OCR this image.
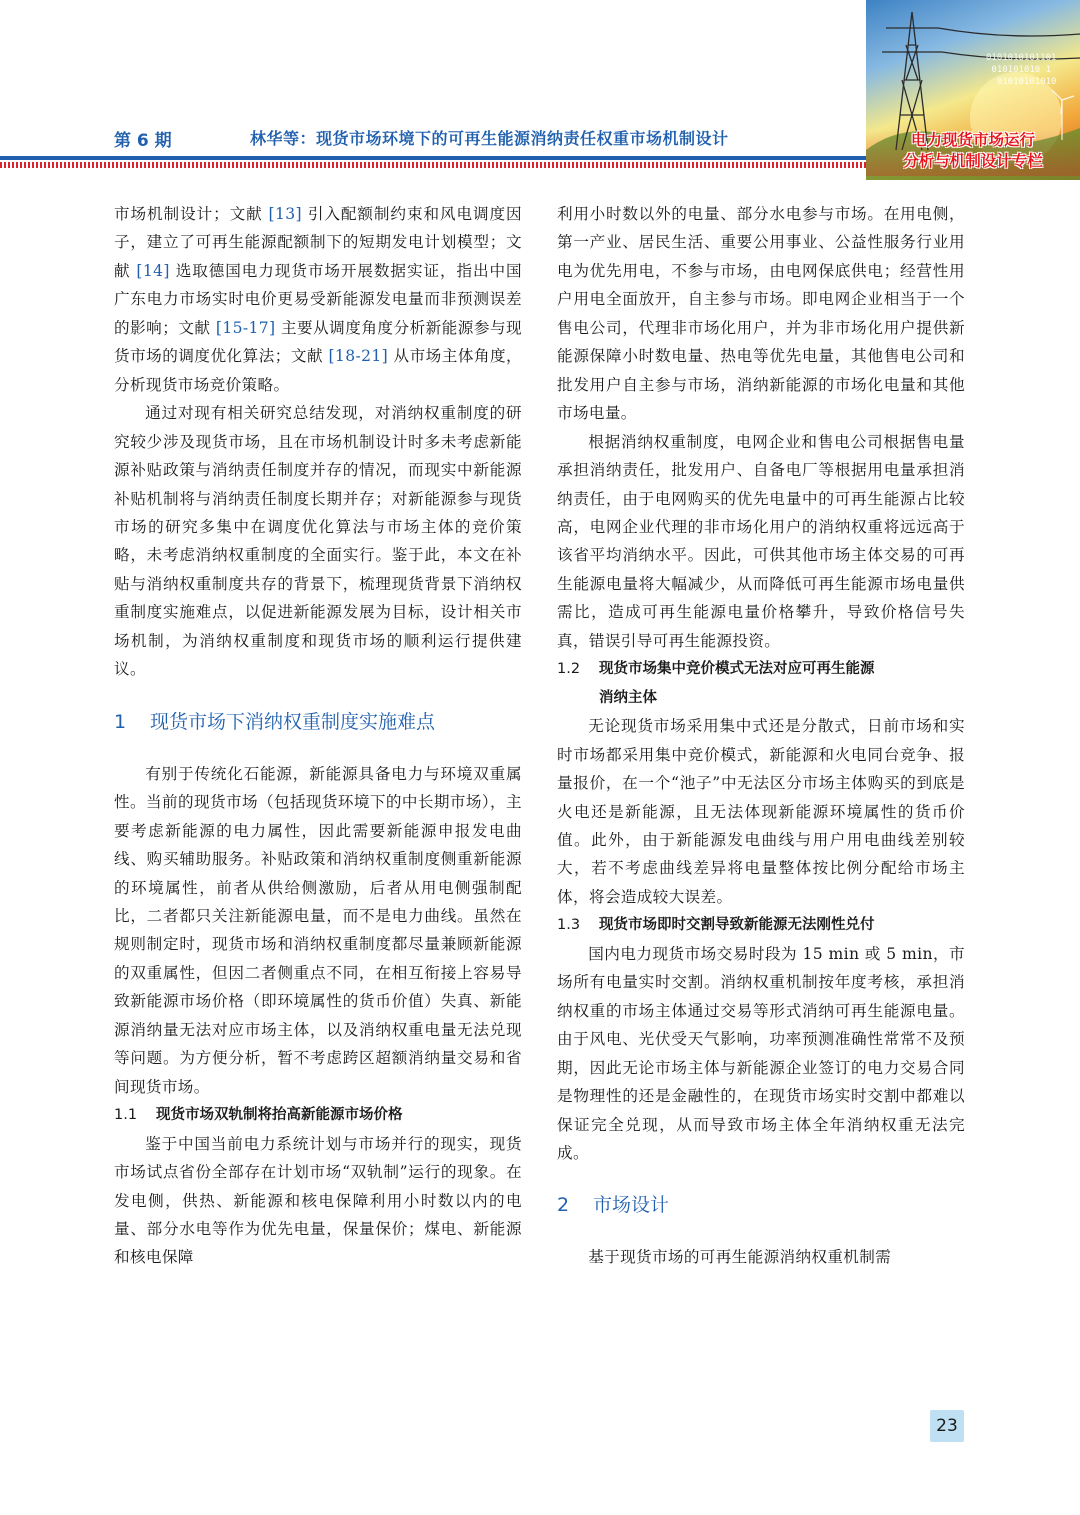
第 6 期	林华等：现货市场环境下的可再生能源消纳责任权重市场机制设计
0101010101101
010101010 1
01010101010
电力现货市场运行
分析与机制设计专栏

市场机制设计；文献 [13] 引入配额制约束和风电调度因子，建立了可再生能源配额制下的短期发电计划模型；文献 [14] 选取德国电力现货市场开展数据实证，指出中国广东电力市场实时电价更易受新能源发电量而非预测误差的影响；文献 [15-17] 主要从调度角度分析新能源参与现货市场的调度优化算法；文献 [18-21] 从市场主体角度，分析现货市场竞价策略。

通过对现有相关研究总结发现，对消纳权重制度的研究较少涉及现货市场，且在市场机制设计时多未考虑新能源补贴政策与消纳责任制度并存的情况，而现实中新能源补贴机制将与消纳责任制度长期并存；对新能源参与现货市场的研究多集中在调度优化算法与市场主体的竞价策略，未考虑消纳权重制度的全面实行。鉴于此，本文在补贴与消纳权重制度共存的背景下，梳理现货背景下消纳权重制度实施难点，以促进新能源发展为目标，设计相关市场机制，为消纳权重制度和现货市场的顺利运行提供建议。

1 现货市场下消纳权重制度实施难点

有别于传统化石能源，新能源具备电力与环境双重属性。当前的现货市场（包括现货环境下的中长期市场），主要考虑新能源的电力属性，因此需要新能源申报发电曲线、购买辅助服务。补贴政策和消纳权重制度侧重新能源的环境属性，前者从供给侧激励，后者从用电侧强制配比，二者都只关注新能源电量，而不是电力曲线。虽然在规则制定时，现货市场和消纳权重制度都尽量兼顾新能源的双重属性，但因二者侧重点不同，在相互衔接上容易导致新能源市场价格（即环境属性的货币价值）失真、新能源消纳量无法对应市场主体，以及消纳权重电量无法兑现等问题。为方便分析，暂不考虑跨区超额消纳量交易和省间现货市场。

1.1 现货市场双轨制将抬高新能源市场价格

鉴于中国当前电力系统计划与市场并行的现实，现货市场试点省份全部存在计划市场“双轨制”运行的现象。在发电侧，供热、新能源和核电保障利用小时数以内的电量、部分水电等作为优先电量，保量保价；煤电、新能源和核电保障

利用小时数以外的电量、部分水电参与市场。在用电侧，第一产业、居民生活、重要公用事业、公益性服务行业用电为优先用电，不参与市场，由电网保底供电；经营性用户用电全面放开，自主参与市场。即电网企业相当于一个售电公司，代理非市场化用户，并为非市场化用户提供新能源保障小时数电量、热电等优先电量，其他售电公司和批发用户自主参与市场，消纳新能源的市场化电量和其他市场电量。

根据消纳权重制度，电网企业和售电公司根据售电量承担消纳责任，批发用户、自备电厂等根据用电量承担消纳责任，由于电网购买的优先电量中的可再生能源占比较高，电网企业代理的非市场化用户的消纳权重将远远高于该省平均消纳水平。因此，可供其他市场主体交易的可再生能源电量将大幅减少，从而降低可再生能源市场电量供需比，造成可再生能源电量价格攀升，导致价格信号失真，错误引导可再生能源投资。

1.2 现货市场集中竞价模式无法对应可再生能源
消纳主体

无论现货市场采用集中式还是分散式，日前市场和实时市场都采用集中竞价模式，新能源和火电同台竞争、报量报价，在一个“池子”中无法区分市场主体购买的到底是火电还是新能源，且无法体现新能源环境属性的货币价值。此外，由于新能源发电曲线与用户用电曲线差别较大，若不考虑曲线差异将电量整体按比例分配给市场主体，将会造成较大误差。

1.3 现货市场即时交割导致新能源无法刚性兑付

国内电力现货市场交易时段为 15 min 或 5 min，市场所有电量实时交割。消纳权重机制按年度考核，承担消纳权重的市场主体通过交易等形式消纳可再生能源电量。由于风电、光伏受天气影响，功率预测准确性常常不及预期，因此无论市场主体与新能源企业签订的电力交易合同是物理性的还是金融性的，在现货市场实时交割中都难以保证完全兑现，从而导致市场主体全年消纳权重无法完成。

2 市场设计

基于现货市场的可再生能源消纳权重机制需

23
